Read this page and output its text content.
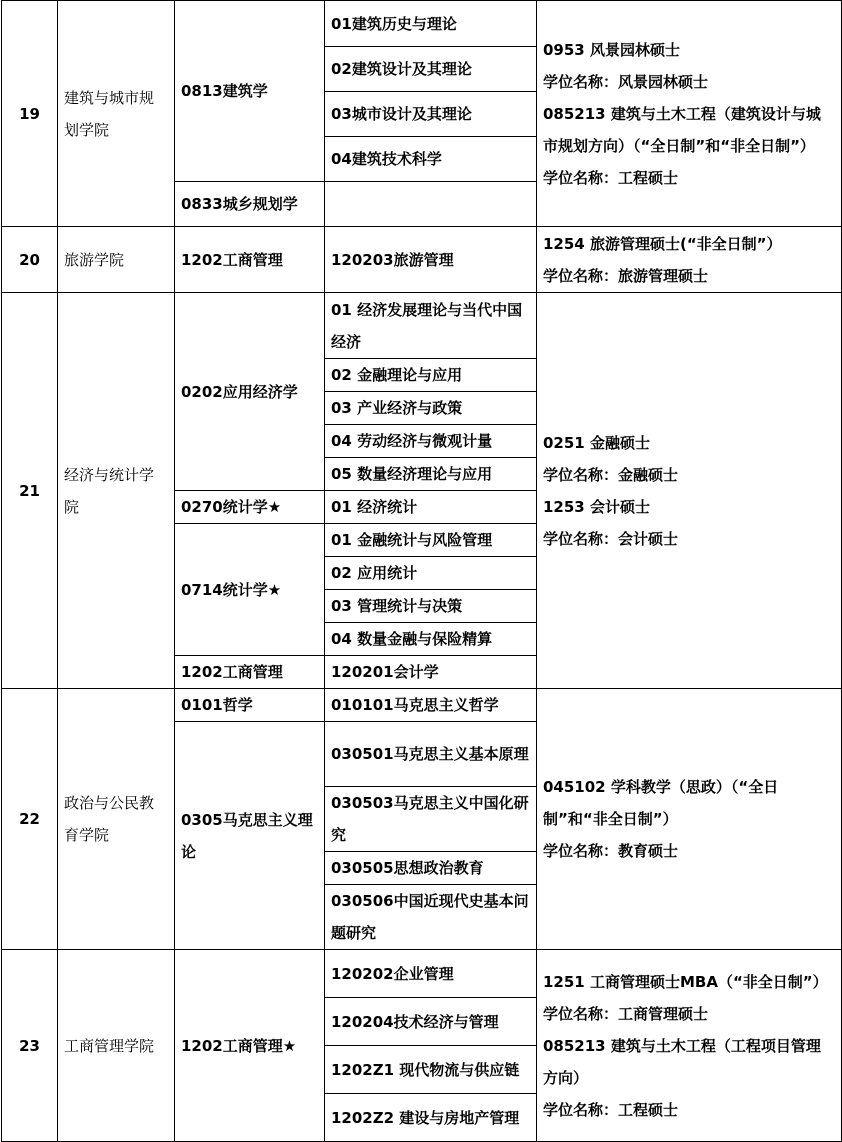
19	建筑与城市规划学院	0813建筑学	01建筑历史与理论	0953 风景园林硕士
学位名称：风景园林硕士
085213 建筑与土木工程（建筑设计与城市规划方向）（“全日制”和“非全日制”）
学位名称：工程硕士

			02建筑设计及其理论	
			03城市设计及其理论	
			04建筑技术科学	
		0833城乡规划学		
20	旅游学院	1202工商管理	120203旅游管理	1254 旅游管理硕士(“非全日制”）
学位名称：旅游管理硕士

21	经济与统计学院	0202应用经济学	01 经济发展理论与当代中国经济	0251 金融硕士
学位名称：金融硕士
1253 会计硕士
学位名称：会计硕士

			02 金融理论与应用	
			03 产业经济与政策	
			04 劳动经济与微观计量	
			05 数量经济理论与应用	
		0270统计学★	01 经济统计	
		0714统计学★	01 金融统计与风险管理	
			02 应用统计	
			03 管理统计与决策	
			04 数量金融与保险精算	
		1202工商管理	120201会计学	
22	政治与公民教育学院	0101哲学	010101马克思主义哲学	045102 学科教学（思政）（“全日制”和“非全日制”）
学位名称：教育硕士

		0305马克思主义理论	030501马克思主义基本原理	
			030503马克思主义中国化研究	
			030505思想政治教育	
			030506中国近现代史基本问题研究	
23	工商管理学院	1202工商管理★	120202企业管理	1251 工商管理硕士MBA（“非全日制”）
学位名称：工商管理硕士
085213 建筑与土木工程（工程项目管理方向）
学位名称：工程硕士

			120204技术经济与管理	
			1202Z1 现代物流与供应链	
			1202Z2 建设与房地产管理	
